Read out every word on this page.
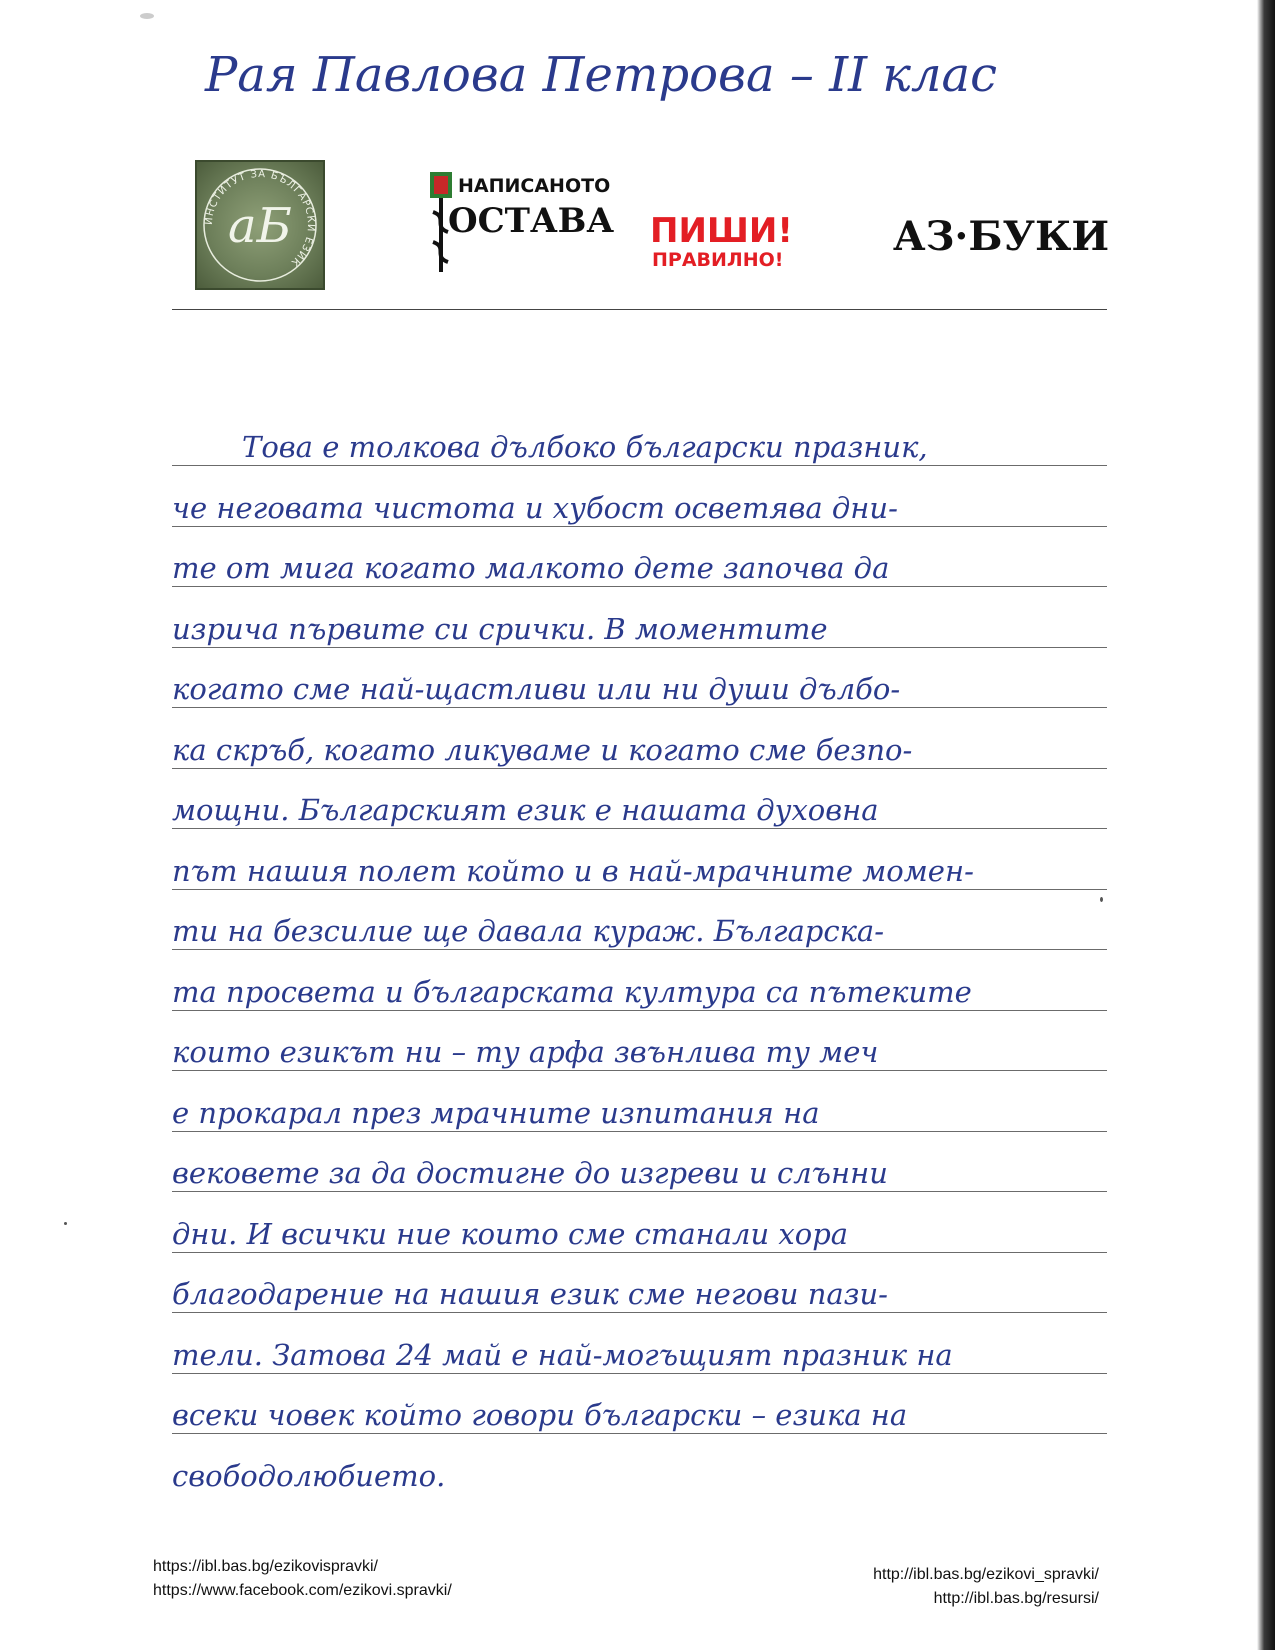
Рая Павлова Петрова – II клас
ИНСТИТУТ ЗА БЪЛГАРСКИ ЕЗИК
аБ
НАПИСАНОТО
ОСТАВА ПИШИ!
ПРАВИЛНО!	АЗ·БУКИ
Това е толкова дълбоко български празник,
че неговата чистота и хубост осветява дни-
те от мига когато малкото дете започва да
изрича първите си срички. В моментите
когато сме най-щастливи или ни души дълбо-
ка скръб, когато ликуваме и когато сме безпо-
мощни. Българският език е нашата духовна
път нашия полет който и в най-мрачните момен-
ти на безсилие ще давала кураж. Българска-
та просвета и българската култура са пътеките
които езикът ни – ту арфа звънлива ту меч
е прокарал през мрачните изпитания на
вековете за да достигне до изгреви и слънни
дни. И всички ние които сме станали хора
благодарение на нашия език сме негови пази-
тели. Затова 24 май е най-могъщият празник на
всеки човек който говори български – езика на
свободолюбието.
https://ibl.bas.bg/ezikovispravki/
https://www.facebook.com/ezikovi.spravki/
http://ibl.bas.bg/ezikovi_spravki/
http://ibl.bas.bg/resursi/
